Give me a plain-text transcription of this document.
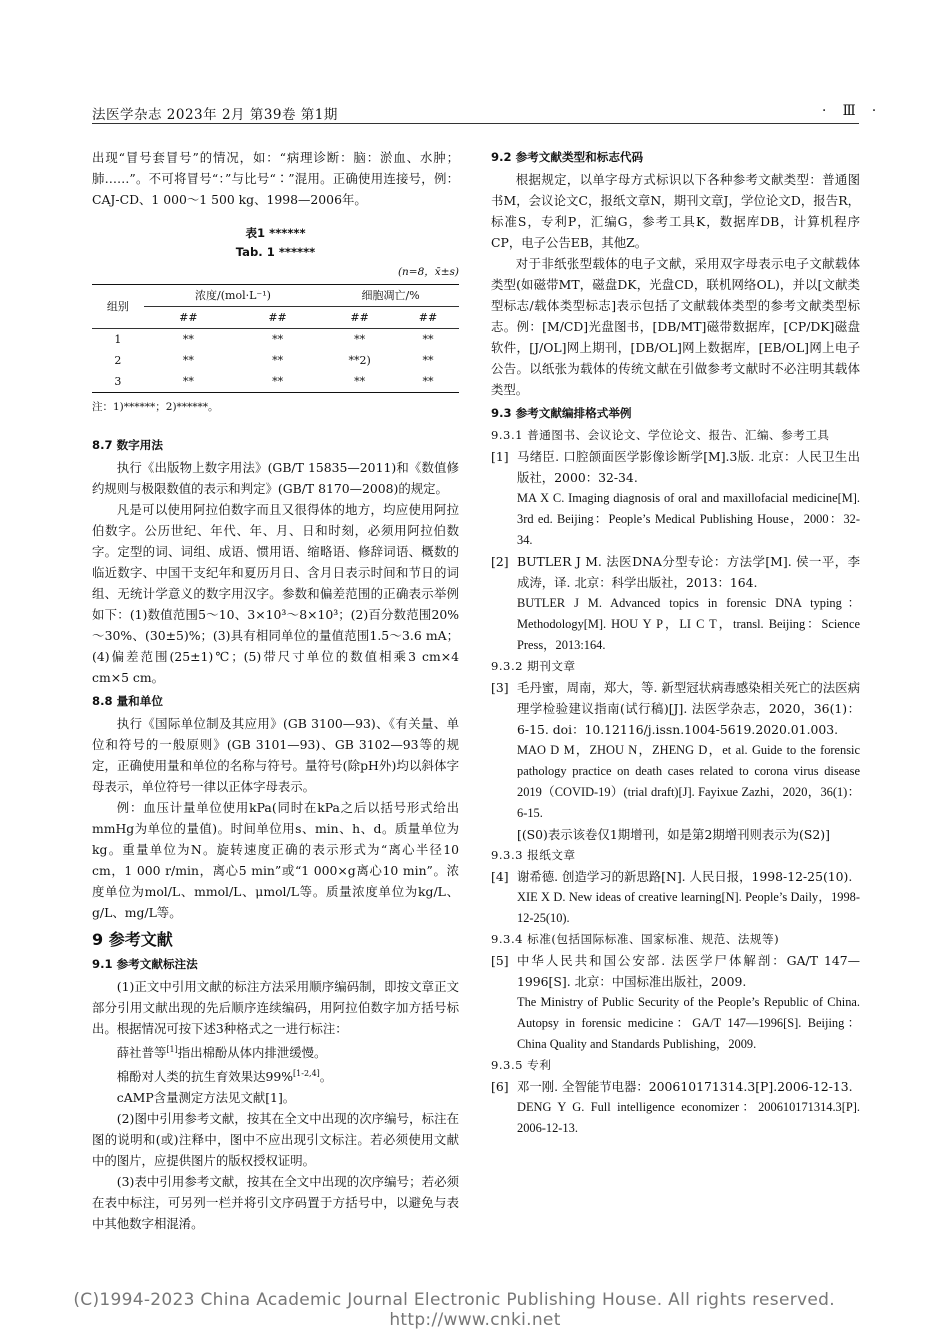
法医学杂志 2023年 2月 第39卷 第1期	· Ⅲ ·

出现“冒号套冒号”的情况，如：“病理诊断：脑：淤血、水肿；肺……”。不可将冒号“：”与比号“∶”混用。正确使用连接号，例：CAJ-CD、1 000～1 500 kg、1998—2006年。

表1 ******
Tab. 1 ******
(n=8，x̄±s)
组别	浓度/(mol·L⁻¹)		细胞凋亡/%	
	##	##	##	##
1	**	**	**	**
2	**	**	**2)	**
3	**	**	**	**
注：1)******；2)******。
8.7 数字用法

执行《出版物上数字用法》(GB/T 15835—2011)和《数值修约规则与极限数值的表示和判定》(GB/T 8170—2008)的规定。

凡是可以使用阿拉伯数字而且又很得体的地方，均应使用阿拉伯数字。公历世纪、年代、年、月、日和时刻，必须用阿拉伯数字。定型的词、词组、成语、惯用语、缩略语、修辞词语、概数的临近数字、中国干支纪年和夏历月日、含月日表示时间和节日的词组、无统计学意义的数字用汉字。参数和偏差范围的正确表示举例如下：(1)数值范围5～10、3×10³～8×10³；(2)百分数范围20%～30%、(30±5)%；(3)具有相同单位的量值范围1.5～3.6 mA；(4)偏差范围(25±1)℃；(5)带尺寸单位的数值相乘3 cm×4 cm×5 cm。

8.8 量和单位

执行《国际单位制及其应用》(GB 3100—93)、《有关量、单位和符号的一般原则》(GB 3101—93)、GB 3102—93等的规定，正确使用量和单位的名称与符号。量符号(除pH外)均以斜体字母表示，单位符号一律以正体字母表示。

例：血压计量单位使用kPa(同时在kPa之后以括号形式给出mmHg为单位的量值)。时间单位用s、min、h、d。质量单位为kg。重量单位为N。旋转速度正确的表示形式为“离心半径10 cm，1 000 r/min，离心5 min”或“1 000×g离心10 min”。浓度单位为mol/L、mmol/L、μmol/L等。质量浓度单位为kg/L、g/L、mg/L等。

9 参考文献
9.1 参考文献标注法

(1)正文中引用文献的标注方法采用顺序编码制，即按文章正文部分引用文献出现的先后顺序连续编码，用阿拉伯数字加方括号标出。根据情况可按下述3种格式之一进行标注：

薛社普等[1]指出棉酚从体内排泄缓慢。

棉酚对人类的抗生育效果达99%[1-2,4]。

cAMP含量测定方法见文献[1]。

(2)图中引用参考文献，按其在全文中出现的次序编号，标注在图的说明和(或)注释中，图中不应出现引文标注。若必须使用文献中的图片，应提供图片的版权授权证明。

(3)表中引用参考文献，按其在全文中出现的次序编号；若必须在表中标注，可另列一栏并将引文序码置于方括号中，以避免与表中其他数字相混淆。

9.2 参考文献类型和标志代码

根据规定，以单字母方式标识以下各种参考文献类型：普通图书M，会议论文C，报纸文章N，期刊文章J，学位论文D，报告R，标准S，专利P，汇编G，参考工具K，数据库DB，计算机程序CP，电子公告EB，其他Z。

对于非纸张型载体的电子文献，采用双字母表示电子文献载体类型(如磁带MT，磁盘DK，光盘CD，联机网络OL)，并以[文献类型标志/载体类型标志]表示包括了文献载体类型的参考文献类型标志。例：[M/CD]光盘图书，[DB/MT]磁带数据库，[CP/DK]磁盘软件，[J/OL]网上期刊，[DB/OL]网上数据库，[EB/OL]网上电子公告。以纸张为载体的传统文献在引做参考文献时不必注明其载体类型。

9.3 参考文献编排格式举例
9.3.1 普通图书、会议论文、学位论文、报告、汇编、参考工具
[1] 马绪臣. 口腔颌面医学影像诊断学[M].3版. 北京：人民卫生出版社，2000：32-34.
MA X C. Imaging diagnosis of oral and maxillofacial medicine[M]. 3rd ed. Beijing：People’s Medical Publishing House，2000：32-34.
[2] BUTLER J M. 法医DNA分型专论：方法学[M]. 侯一平，李成涛，译. 北京：科学出版社，2013：164.
BUTLER J M. Advanced topics in forensic DNA typing：Methodology[M]. HOU Y P，LI C T，transl. Beijing：Science Press，2013:164.
9.3.2 期刊文章
[3] 毛丹蜜，周南，郑大，等. 新型冠状病毒感染相关死亡的法医病理学检验建议指南(试行稿)[J]. 法医学杂志，2020，36(1)：6-15. doi：10.12116/j.issn.1004-5619.2020.01.003.
MAO D M，ZHOU N，ZHENG D，et al. Guide to the forensic pathology practice on death cases related to corona virus disease 2019（COVID-19）(trial draft)[J]. Fayixue Zazhi，2020，36(1)：6-15.
[(S0)表示该卷仅1期增刊，如是第2期增刊则表示为(S2)]
9.3.3 报纸文章
[4] 谢希德. 创造学习的新思路[N]. 人民日报，1998-12-25(10).
XIE X D. New ideas of creative learning[N]. People’s Daily，1998-12-25(10).
9.3.4 标准(包括国际标准、国家标准、规范、法规等)
[5] 中华人民共和国公安部. 法医学尸体解剖：GA/T 147—1996[S]. 北京：中国标准出版社，2009.
The Ministry of Public Security of the People’s Republic of China. Autopsy in forensic medicine：GA/T 147—1996[S]. Beijing：China Quality and Standards Publishing，2009.
9.3.5 专利
[6] 邓一刚. 全智能节电器：200610171314.3[P].2006-12-13.
DENG Y G. Full intelligence economizer：200610171314.3[P]. 2006-12-13.
(C)1994-2023 China Academic Journal Electronic Publishing House. All rights reserved.  http://www.cnki.net
